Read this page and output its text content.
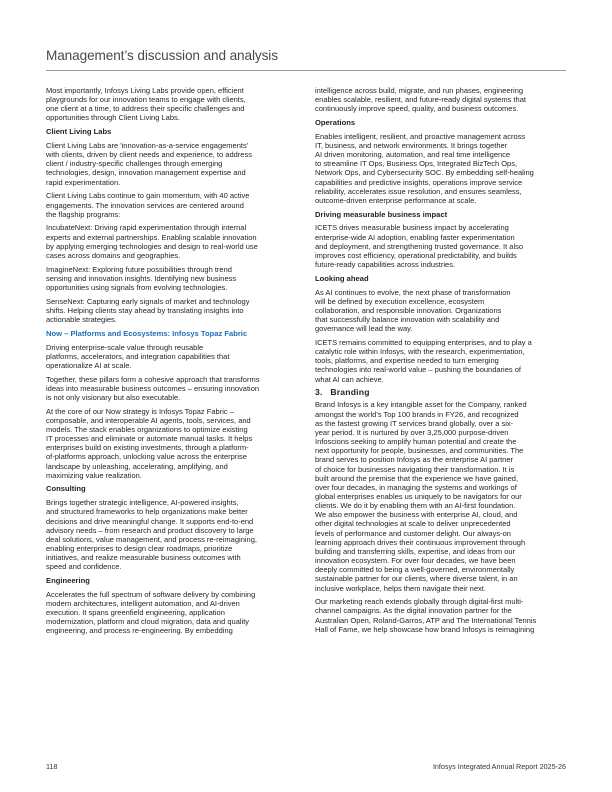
Management’s discussion and analysis

Most importantly, Infosys Living Labs provide open, efficient
playgrounds for our innovation teams to engage with clients,
one client at a time, to address their specific challenges and
opportunities through Client Living Labs.

Client Living Labs

Client Living Labs are 'innovation-as-a-service engagements'
with clients, driven by client needs and experience, to address
client / industry-specific challenges through emerging
technologies, design, innovation management expertise and
rapid experimentation.

Client Living Labs continue to gain momentum, with 40 active
engagements. The innovation services are centered around
the flagship programs:

IncubateNext: Driving rapid experimentation through internal
experts and external partnerships. Enabling scalable innovation
by applying emerging technologies and design to real-world use
cases across domains and geographies.

ImagineNext: Exploring future possibilities through trend
sensing and innovation insights. Identifying new business
opportunities using signals from evolving technologies.

SenseNext: Capturing early signals of market and technology
shifts. Helping clients stay ahead by translating insights into
actionable strategies.

Now – Platforms and Ecosystems: Infosys Topaz Fabric

Driving enterprise-scale value through reusable
platforms, accelerators, and integration capabilities that
operationalize AI at scale.

Together, these pillars form a cohesive approach that transforms
ideas into measurable business outcomes – ensuring innovation
is not only visionary but also executable.

At the core of our Now strategy is Infosys Topaz Fabric –
composable, and interoperable AI agents, tools, services, and
models. The stack enables organizations to optimize existing
IT processes and eliminate or automate manual tasks. It helps
enterprises build on existing investments, through a platform-
of-platforms approach, unlocking value across the enterprise
landscape by unleashing, accelerating, amplifying, and
maximizing value realization.

Consulting

Brings together strategic intelligence, AI-powered insights,
and structured frameworks to help organizations make better
decisions and drive meaningful change. It supports end-to-end
advisory needs – from research and product discovery to large
deal solutions, value management, and process re-reimagining,
enabling enterprises to design clear roadmaps, prioritize
initiatives, and realize measurable business outcomes with
speed and confidence.

Engineering

Accelerates the full spectrum of software delivery by combining
modern architectures, intelligent automation, and AI-driven
execution. It spans greenfield engineering, application
modernization, platform and cloud migration, data and quality
engineering, and process re-engineering. By embedding

intelligence across build, migrate, and run phases, engineering
enables scalable, resilient, and future-ready digital systems that
continuously improve speed, quality, and business outcomes.

Operations

Enables intelligent, resilient, and proactive management across
IT, business, and network environments. It brings together
AI driven monitoring, automation, and real time intelligence
to streamline IT Ops, Business Ops, Integrated BizTech Ops,
Network Ops, and Cybersecurity SOC. By embedding self-healing
capabilities and predictive insights, operations improve service
reliability, accelerates issue resolution, and ensures seamless,
outcome-driven enterprise performance at scale.

Driving measurable business impact

ICETS drives measurable business impact by accelerating
enterprise-wide AI adoption, enabling faster experimentation
and deployment, and strengthening trusted governance. It also
improves cost efficiency, operational predictability, and builds
future-ready capabilities across industries.

Looking ahead

As AI continues to evolve, the next phase of transformation
will be defined by execution excellence, ecosystem
collaboration, and responsible innovation. Organizations
that successfully balance innovation with scalability and
governance will lead the way.

ICETS remains committed to equipping enterprises, and to play a
catalytic role within Infosys, with the research, experimentation,
tools, platforms, and expertise needed to turn emerging
technologies into real-world value – pushing the boundaries of
what AI can achieve.

3.   Branding

Brand Infosys is a key intangible asset for the Company, ranked
amongst the world’s Top 100 brands in FY26, and recognized
as the fastest growing IT services brand globally, over a six-
year period. It is nurtured by over 3,25,000 purpose-driven
Infoscions seeking to amplify human potential and create the
next opportunity for people, businesses, and communities. The
brand serves to position Infosys as the enterprise AI partner
of choice for businesses navigating their transformation. It is
built around the premise that the experience we have gained,
over four decades, in managing the systems and workings of
global enterprises enables us uniquely to be navigators for our
clients. We do it by enabling them with an AI-first foundation.
We also empower the business with enterprise AI, cloud, and
other digital technologies at scale to deliver unprecedented
levels of performance and customer delight. Our always-on
learning approach drives their continuous improvement through
building and transferring skills, expertise, and ideas from our
innovation ecosystem. For over four decades, we have been
deeply committed to being a well-governed, environmentally
sustainable partner for our clients, where diverse talent, in an
inclusive workplace, helps them navigate their next.

Our marketing reach extends globally through digital-first multi-
channel campaigns. As the digital innovation partner for the
Australian Open, Roland-Garros, ATP and The International Tennis
Hall of Fame, we help showcase how brand Infosys is reimagining

118	Infosys Integrated Annual Report 2025-26
